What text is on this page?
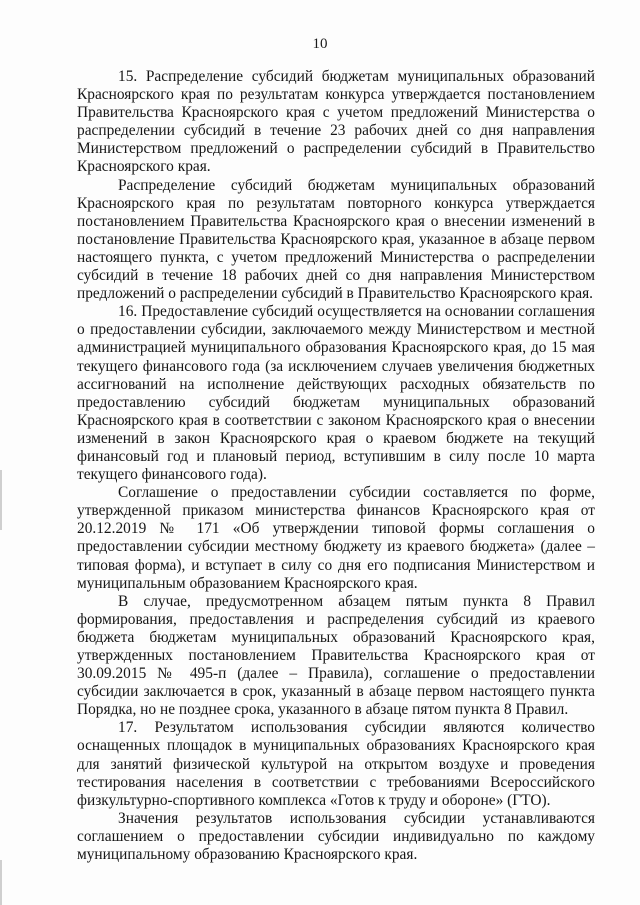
10

15. Распределение субсидий бюджетам муниципальных образований Красноярского края по результатам конкурса утверждается постановлением Правительства Красноярского края с учетом предложений Министерства о распределении субсидий в течение 23 рабочих дней со дня направления Министерством предложений о распределении субсидий в Правительство Красноярского края.

Распределение субсидий бюджетам муниципальных образований Красноярского края по результатам повторного конкурса утверждается постановлением Правительства Красноярского края о внесении изменений в постановление Правительства Красноярского края, указанное в абзаце первом настоящего пункта, с учетом предложений Министерства о распределении субсидий в течение 18 рабочих дней со дня направления Министерством предложений о распределении субсидий в Правительство Красноярского края.

16. Предоставление субсидий осуществляется на основании соглашения о предоставлении субсидии, заключаемого между Министерством и местной администрацией муниципального образования Красноярского края, до 15 мая текущего финансового года (за исключением случаев увеличения бюджетных ассигнований на исполнение действующих расходных обязательств по предоставлению субсидий бюджетам муниципальных образований Красноярского края в соответствии с законом Красноярского края о внесении изменений в закон Красноярского края о краевом бюджете на текущий финансовый год и плановый период, вступившим в силу после 10 марта текущего финансового года).

Соглашение о предоставлении субсидии составляется по форме, утвержденной приказом министерства финансов Красноярского края от 20.12.2019 № 171 «Об утверждении типовой формы соглашения о предоставлении субсидии местному бюджету из краевого бюджета» (далее – типовая форма), и вступает в силу со дня его подписания Министерством и муниципальным образованием Красноярского края.

В случае, предусмотренном абзацем пятым пункта 8 Правил формирования, предоставления и распределения субсидий из краевого бюджета бюджетам муниципальных образований Красноярского края, утвержденных постановлением Правительства Красноярского края от 30.09.2015 № 495-п (далее – Правила), соглашение о предоставлении субсидии заключается в срок, указанный в абзаце первом настоящего пункта Порядка, но не позднее срока, указанного в абзаце пятом пункта 8 Правил.

17. Результатом использования субсидии являются количество оснащенных площадок в муниципальных образованиях Красноярского края для занятий физической культурой на открытом воздухе и проведения тестирования населения в соответствии с требованиями Всероссийского физкультурно-спортивного комплекса «Готов к труду и обороне» (ГТО).

Значения результатов использования субсидии устанавливаются соглашением о предоставлении субсидии индивидуально по каждому муниципальному образованию Красноярского края.
